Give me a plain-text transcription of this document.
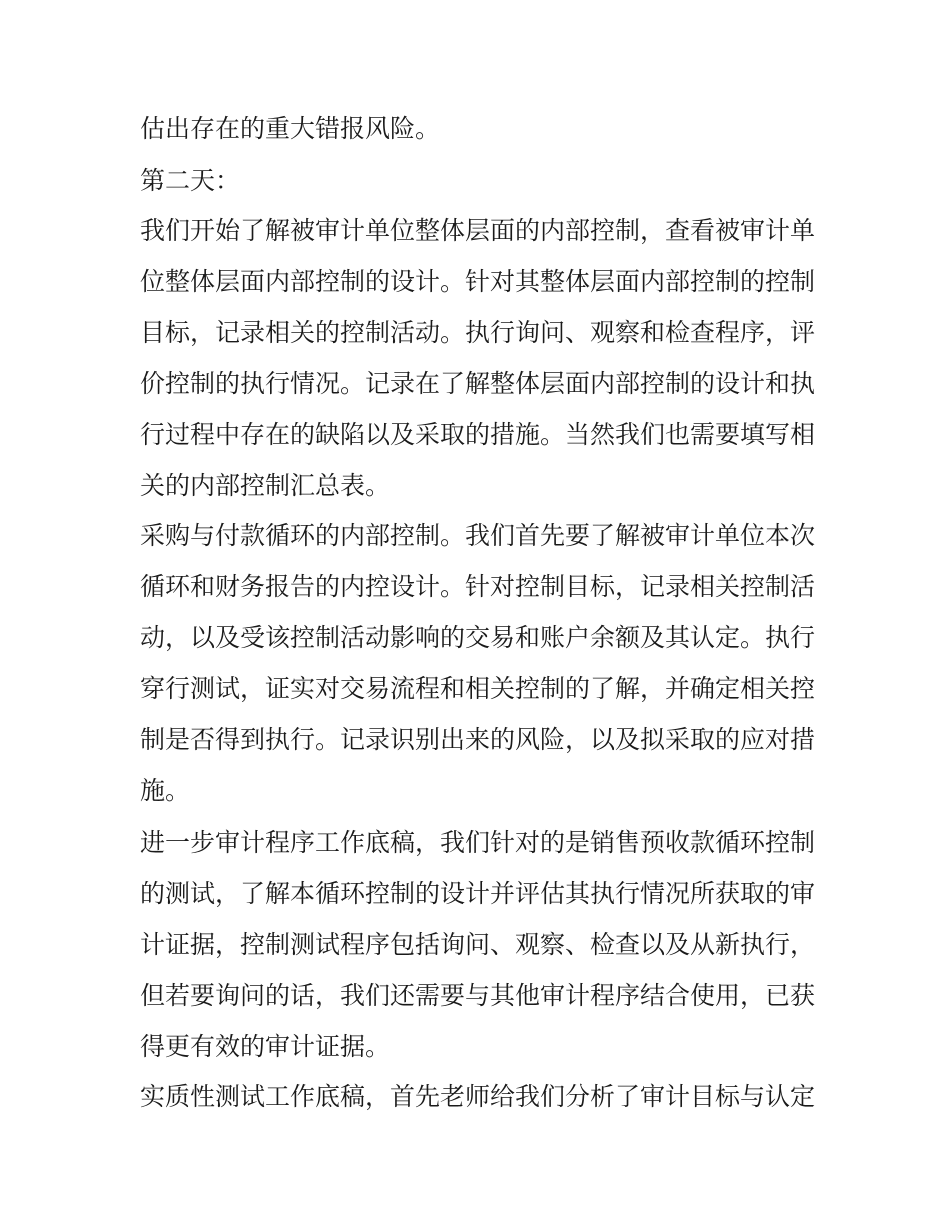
估出存在的重大错报风险。
第二天：
我们开始了解被审计单位整体层面的内部控制，查看被审计单
位整体层面内部控制的设计。针对其整体层面内部控制的控制
目标，记录相关的控制活动。执行询问、观察和检查程序，评
价控制的执行情况。记录在了解整体层面内部控制的设计和执
行过程中存在的缺陷以及采取的措施。当然我们也需要填写相
关的内部控制汇总表。
采购与付款循环的内部控制。我们首先要了解被审计单位本次
循环和财务报告的内控设计。针对控制目标，记录相关控制活
动，以及受该控制活动影响的交易和账户余额及其认定。执行
穿行测试，证实对交易流程和相关控制的了解，并确定相关控
制是否得到执行。记录识别出来的风险，以及拟采取的应对措
施。
进一步审计程序工作底稿，我们针对的是销售预收款循环控制
的测试，了解本循环控制的设计并评估其执行情况所获取的审
计证据，控制测试程序包括询问、观察、检查以及从新执行，
但若要询问的话，我们还需要与其他审计程序结合使用，已获
得更有效的审计证据。
实质性测试工作底稿，首先老师给我们分析了审计目标与认定
